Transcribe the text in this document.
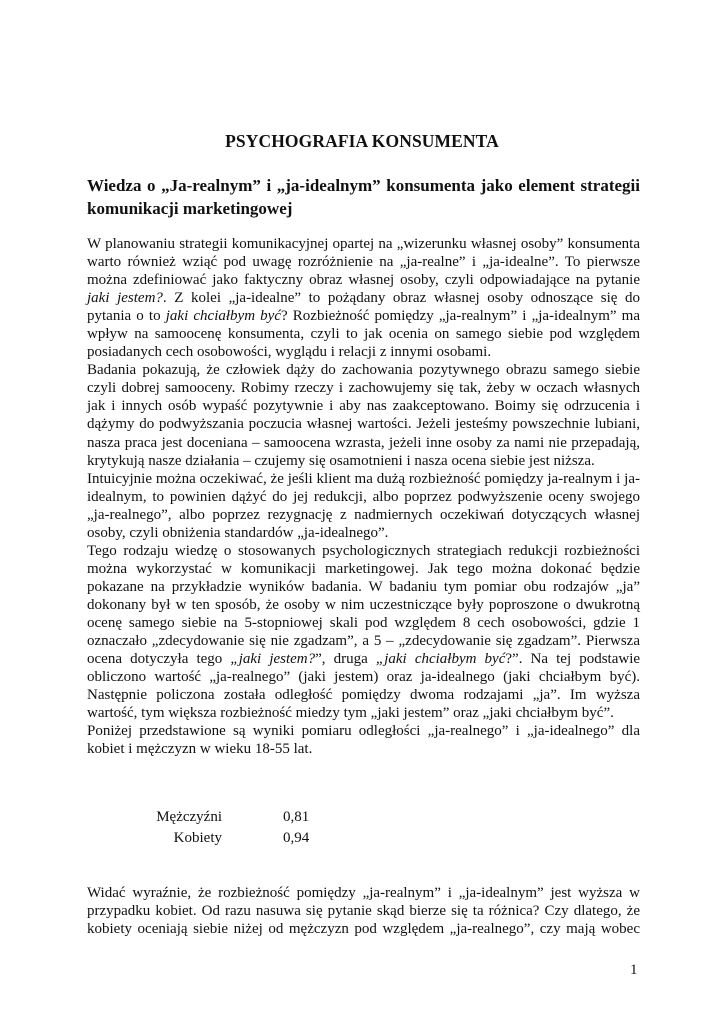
PSYCHOGRAFIA KONSUMENTA
Wiedza o „Ja-realnym” i „ja-idealnym” konsumenta jako element strategii komunikacji marketingowej

W planowaniu strategii komunikacyjnej opartej na „wizerunku własnej osoby” konsumenta warto również wziąć pod uwagę rozróżnienie na „ja-realne” i „ja-idealne”. To pierwsze można zdefiniować jako faktyczny obraz własnej osoby, czyli odpowiadające na pytanie jaki jestem?. Z kolei „ja-idealne” to pożądany obraz własnej osoby odnoszące się do pytania o to jaki chciałbym być? Rozbieżność pomiędzy „ja-realnym” i „ja-idealnym” ma wpływ na samoocenę konsumenta, czyli to jak ocenia on samego siebie pod względem posiadanych cech osobowości, wyglądu i relacji z innymi osobami.

Badania pokazują, że człowiek dąży do zachowania pozytywnego obrazu samego siebie czyli dobrej samooceny. Robimy rzeczy i zachowujemy się tak, żeby w oczach własnych jak i innych osób wypaść pozytywnie i aby nas zaakceptowano. Boimy się odrzucenia i dążymy do podwyższania poczucia własnej wartości. Jeżeli jesteśmy powszechnie lubiani, nasza praca jest doceniana – samoocena wzrasta, jeżeli inne osoby za nami nie przepadają, krytykują nasze działania – czujemy się osamotnieni i nasza ocena siebie jest niższa.

Intuicyjnie można oczekiwać, że jeśli klient ma dużą rozbieżność pomiędzy ja-realnym i ja-idealnym, to powinien dążyć do jej redukcji, albo poprzez podwyższenie oceny swojego „ja-realnego”, albo poprzez rezygnację z nadmiernych oczekiwań dotyczących własnej osoby, czyli obniżenia standardów „ja-idealnego”.

Tego rodzaju wiedzę o stosowanych psychologicznych strategiach redukcji rozbieżności można wykorzystać w komunikacji marketingowej. Jak tego można dokonać będzie pokazane na przykładzie wyników badania. W badaniu tym pomiar obu rodzajów „ja” dokonany był w ten sposób, że osoby w nim uczestniczące były poproszone o dwukrotną ocenę samego siebie na 5-stopniowej skali pod względem 8 cech osobowości, gdzie 1 oznaczało „zdecydowanie się nie zgadzam”, a 5 – „zdecydowanie się zgadzam”. Pierwsza ocena dotyczyła tego „jaki jestem?”, druga „jaki chciałbym być?”. Na tej podstawie obliczono wartość „ja-realnego” (jaki jestem) oraz ja-idealnego (jaki chciałbym być). Następnie policzona została odległość pomiędzy dwoma rodzajami „ja”. Im wyższa wartość, tym większa rozbieżność miedzy tym „jaki jestem” oraz „jaki chciałbym być”.

Poniżej przedstawione są wyniki pomiaru odległości „ja-realnego” i „ja-idealnego” dla kobiet i mężczyzn w wieku 18-55 lat.

Mężczyźni	0,81
Kobiety	0,94

Widać wyraźnie, że rozbieżność pomiędzy „ja-realnym” i „ja-idealnym” jest wyższa w przypadku kobiet. Od razu nasuwa się pytanie skąd bierze się ta różnica? Czy dlatego, że kobiety oceniają siebie niżej od mężczyzn pod względem „ja-realnego”, czy mają wobec

1
